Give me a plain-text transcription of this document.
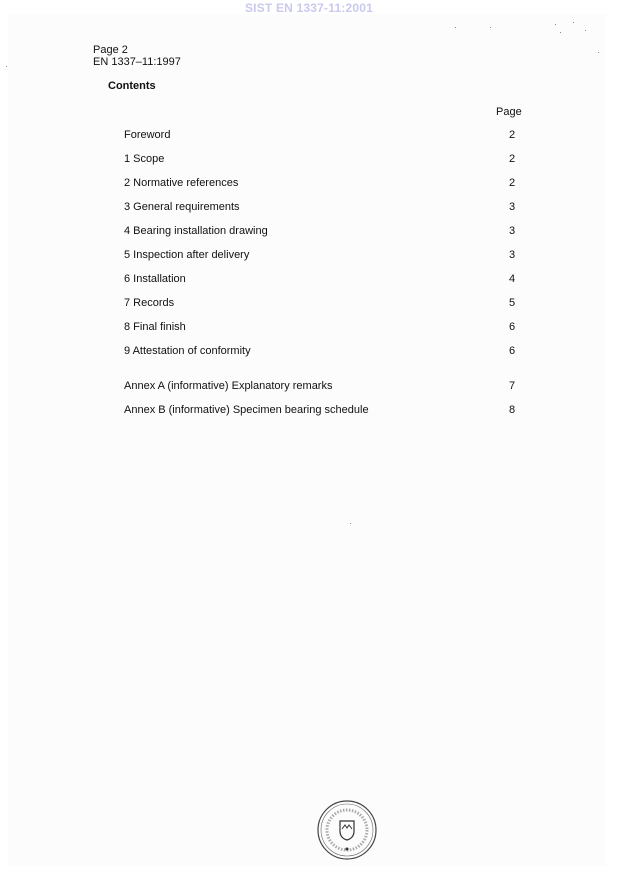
SIST EN 1337-11:2001
Page 2
EN 1337–11:1997
Contents
Page
Foreword	2
1 Scope	2
2 Normative references	2
3 General requirements	3
4 Bearing installation drawing	3
5 Inspection after delivery	3
6 Installation	4
7 Records	5
8 Final finish	6
9 Attestation of conformity	6
Annex A (informative) Explanatory remarks	7
Annex B (informative) Specimen bearing schedule	8
